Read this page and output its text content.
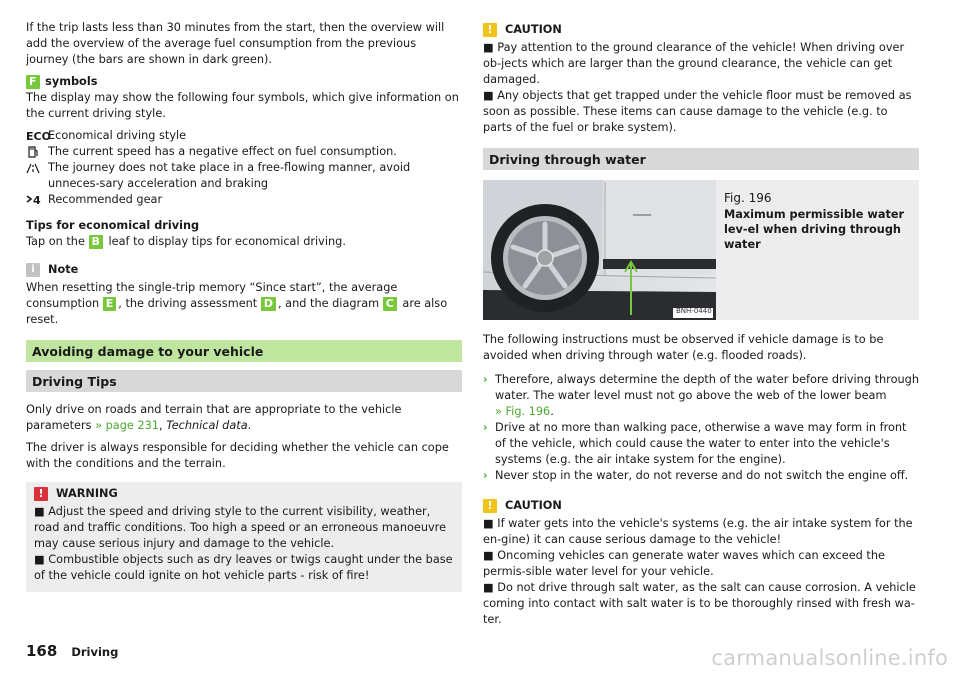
If the trip lasts less than 30 minutes from the start, then the overview will add the overview of the average fuel consumption from the previous journey (the bars are shown in dark green).

F symbols

The display may show the following four symbols, which give information on the current driving style.

ECO
Economical driving style
The current speed has a negative effect on fuel consumption.
The journey does not take place in a free-flowing manner, avoid unneces-sary acceleration and braking
4 Recommended gear

Tips for economical driving

Tap on the B leaf to display tips for economical driving.

i	Note

When resetting the single-trip memory “Since start”, the average consumption E , the driving assessment D , and the diagram C are also reset.

Avoiding damage to your vehicle
Driving Tips

Only drive on roads and terrain that are appropriate to the vehicle parameters » page 231, Technical data.

The driver is always responsible for deciding whether the vehicle can cope with the conditions and the terrain.

!	WARNING

■ Adjust the speed and driving style to the current visibility, weather, road and traffic conditions. Too high a speed or an erroneous manoeuvre may cause serious injury and damage to the vehicle.

■ Combustible objects such as dry leaves or twigs caught under the base of the vehicle could ignite on hot vehicle parts - risk of fire!

!	CAUTION

■ Pay attention to the ground clearance of the vehicle! When driving over ob-jects which are larger than the ground clearance, the vehicle can get damaged.

■ Any objects that get trapped under the vehicle floor must be removed as soon as possible. These items can cause damage to the vehicle (e.g. to parts of the fuel or brake system).

Driving through water
BNH-0440

Fig. 196

Maximum permissible water lev-el when driving through water

The following instructions must be observed if vehicle damage is to be avoided when driving through water (e.g. flooded roads).

› Therefore, always determine the depth of the water before driving through water. The water level must not go above the web of the lower beam
» Fig. 196.
› Drive at no more than walking pace, otherwise a wave may form in front of the vehicle, which could cause the water to enter into the vehicle's systems (e.g. the air intake system for the engine).
› Never stop in the water, do not reverse and do not switch the engine off.
!	CAUTION

■ If water gets into the vehicle's systems (e.g. the air intake system for the en-gine) it can cause serious damage to the vehicle!

■ Oncoming vehicles can generate water waves which can exceed the permis-sible water level for your vehicle.

■ Do not drive through salt water, as the salt can cause corrosion. A vehicle coming into contact with salt water is to be thoroughly rinsed with fresh wa-ter.

168 Driving	carmanualsonline.info
